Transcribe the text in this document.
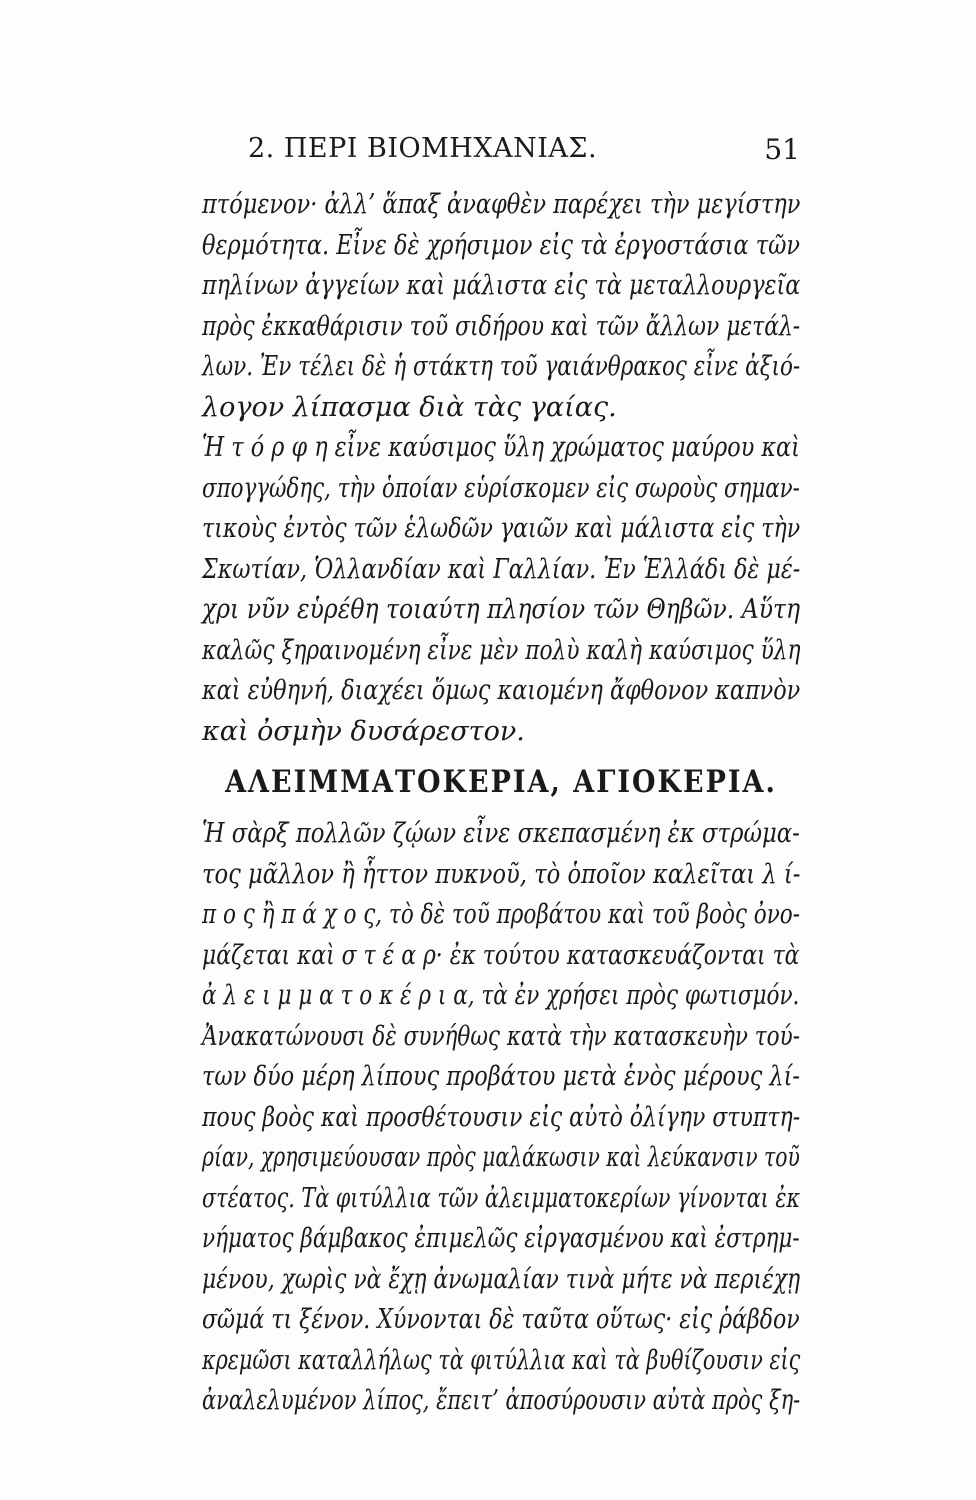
2. ΠΕΡΙ ΒΙΟΜΗΧΑΝΙΑΣ.	51
πτόμενον· ἀλλ’ ἅπαξ ἀναφθὲν παρέχει τὴν μεγίστην
θερμότητα. Εἶνε δὲ χρήσιμον εἰς τὰ ἐργοστάσια τῶν
πηλίνων ἀγγείων καὶ μάλιστα εἰς τὰ μεταλλουργεῖα
πρὸς ἐκκαθάρισιν τοῦ σιδήρου καὶ τῶν ἄλλων μετάλ-
λων. Ἐν τέλει δὲ ἡ στάκτη τοῦ γαιάνθρακος εἶνε ἀξιό-
λογον λίπασμα διὰ τὰς γαίας.
Ἡ τ ό ρ φ η εἶνε καύσιμος ὕλη χρώματος μαύρου καὶ
σπογγώδης, τὴν ὁποίαν εὑρίσκομεν εἰς σωροὺς σημαν-
τικοὺς ἐντὸς τῶν ἑλωδῶν γαιῶν καὶ μάλιστα εἰς τὴν
Σκωτίαν, Ὁλλανδίαν καὶ Γαλλίαν. Ἐν Ἑλλάδι δὲ μέ-
χρι νῦν εὑρέθη τοιαύτη πλησίον τῶν Θηβῶν. Αὕτη
καλῶς ξηραινομένη εἶνε μὲν πολὺ καλὴ καύσιμος ὕλη
καὶ εὐθηνή, διαχέει ὅμως καιομένη ἄφθονον καπνὸν
καὶ ὀσμὴν δυσάρεστον.
ΑΛΕΙΜΜΑΤΟΚΕΡΙΑ, ΑΓΙΟΚΕΡΙΑ.
Ἡ σὰρξ πολλῶν ζῴων εἶνε σκεπασμένη ἐκ στρώμα-
τος μᾶλλον ἢ ἧττον πυκνοῦ, τὸ ὁποῖον καλεῖται λ ί-
π ο ς ἢ π ά χ ο ς, τὸ δὲ τοῦ προβάτου καὶ τοῦ βοὸς ὀνο-
μάζεται καὶ σ τ έ α ρ· ἐκ τούτου κατασκευάζονται τὰ
ἀ λ ε ι μ μ α τ ο κ έ ρ ι α, τὰ ἐν χρήσει πρὸς φωτισμόν.
Ἀνακατώνουσι δὲ συνήθως κατὰ τὴν κατασκευὴν τού-
των δύο μέρη λίπους προβάτου μετὰ ἑνὸς μέρους λί-
πους βοὸς καὶ προσθέτουσιν εἰς αὐτὸ ὀλίγην στυπτη-
ρίαν, χρησιμεύουσαν πρὸς μαλάκωσιν καὶ λεύκανσιν τοῦ
στέατος. Τὰ φιτύλλια τῶν ἀλειμματοκερίων γίνονται ἐκ
νήματος βάμβακος ἐπιμελῶς εἰργασμένου καὶ ἐστρημ-
μένου, χωρὶς νὰ ἔχῃ ἀνωμαλίαν τινὰ μήτε νὰ περιέχῃ
σῶμά τι ξένον. Χύνονται δὲ ταῦτα οὕτως· εἰς ῥάβδον
κρεμῶσι καταλλήλως τὰ φιτύλλια καὶ τὰ βυθίζουσιν εἰς
ἀναλελυμένον λίπος, ἔπειτ’ ἀποσύρουσιν αὐτὰ πρὸς ξη-
